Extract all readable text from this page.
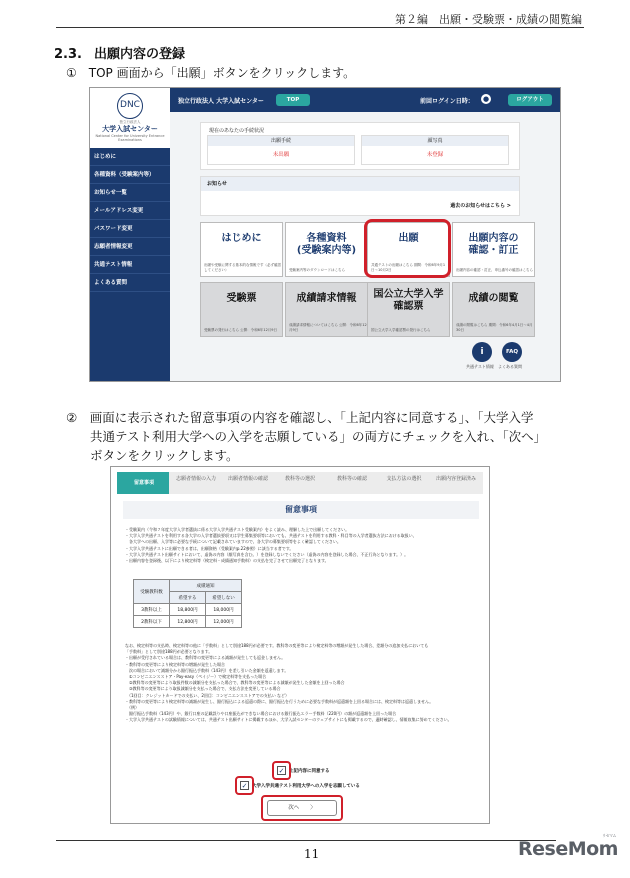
第２編　出願・受験票・成績の閲覧編
2.3. 出願内容の登録
①　TOP 画面から「出願」ボタンをクリックします。
DNC
独立行政法人
大学入試センター
National Center for University Entrance Examinations
独立行政法人 大学入試センター	TOP	前回ログイン日時： ●	ログアウト
はじめに
各種資料（受験案内等）
お知らせ一覧
メールアドレス変更
パスワード変更
志願者情報変更
共通テスト情報
よくある質問
現在のあなたの手続状況
出願手続
未出願
顔写真
未登録
お知らせ
過去のお知らせはこちら >
はじめに
出願や受験に関する基本的な情報です（必ず確認してください）
各種資料
(受験案内等)
受験案内等のダウンロードはこちら
出願
共通テストの出願はこちら 期間：令和6年9月1日〜10月2日
出願内容の
確認・訂正
出願内容の確認・訂正、申込番号の確認はこちら
受験票
受験票の発行はこちら 公開：令和6年12月9日
成績請求情報
成績請求情報についてはこちら 公開：令和6年12月9日
国公立大学入学
確認票
国公立大学入学確認票の発行はこちら
成績の閲覧
成績の閲覧はこちら 期間：令和6年4月1日〜4月30日
i	FAQ
共通テスト情報 よくある質問
②　画面に表示された留意事項の内容を確認し、「上記内容に同意する」、「大学入学
共通テスト利用大学への入学を志願している」の両方にチェックを入れ、「次へ」
ボタンをクリックします。
留意事項
志願者情報の入力	出願者情報の確認	教科等の選択	教科等の確認	支払方法の選択	出願内容登録済み
留意事項
・受験案内（令和７年度大学入学者選抜に係る大学入学共通テスト受験案内）をよく読み、理解した上で出願してください。
・大学入学共通テストを利用する各大学の入学者選抜要項又は学生募集要項等においても、共通テストを利用する教科・科目等の入学者選抜方法における取扱い、
　各大学への出願、入学等に必要な手続について記載されていますので、各大学の募集要項等をよく確認してください。
・大学入学共通テストに出願できる者は、出願資格（受験案内p.22参照）に該当する者です。
・大学入学共通テスト出願サイトにおいて、虚偽の内容（顔写真を含む。）を登録しないでください（虚偽の内容を登録した場合、不正行為となります。）。
・出願内容を登録後、以下により検定料等（検定料・成績通知手数料）の支払を完了させて出願完了となります。
受験教科数	成績通知	
	希望する	希望しない
3教科以上	18,800円	18,000円
2教科以下	12,800円	12,000円
なお、検定料等の支払時、検定料等の他に「手数料」として別途188円が必要です。教科等の変更等により検定料等の増額が発生した場合、差額分の追加支払においても
「手数料」として別途188円が必要となります。
・出願が受付されている場合は、教科等の変更等による減額が発生しても返金しません。
・教科等の変更等により検定料等の増額が発生した場合
　次の場合において減額分から銀行振込手数料（143円）を差し引いた金額を返還します。
　①コンビニエンスストア・Pay-easy（ペイジー）で検定料等を支払った場合
　②教科等の変更等により取扱件数の減額分を支払った場合で、教科等の変更等による減額が発生した金額を上回った場合
　③教科等の変更等により取扱減額分を支払った場合で、支払方法を変更している場合
　（1回目：クレジットカードでの支払い、2回目：コンビニエンスストアでの支払い など）
・教科等の変更等により検定料等の減額が発生し、銀行振込による返還の際に、銀行振込を行うために必要な手数料が返還額を上回る場合には、検定料等は返還しません。
　（例）
　銀行振込手数料（143円）や、銀行口座の記載誤りや口座振込ができない場合における銀行振込エラー手数料（220円）の額が返還額を上回った場合
・大学入学共通テストの試験情報については、共通テスト出願サイトに掲載するほか、大学入試センターのウェブサイトにも掲載するので、適時確認し、情報収集に努めてください。
✓	上記内容に同意する
✓	大学入学共通テスト利用大学への入学を志願している
次へ　　〉
11	ReseMom
リセマム
